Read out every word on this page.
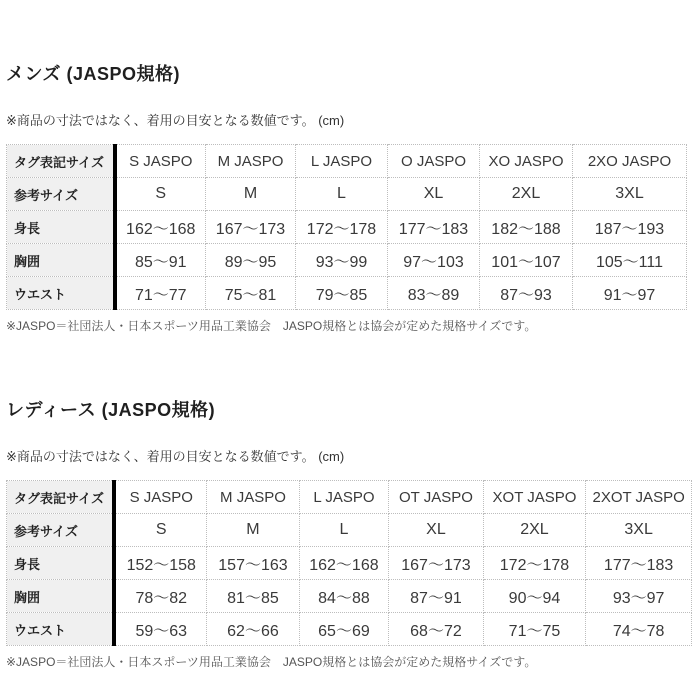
メンズ (JASPO規格)

※商品の寸法ではなく、着用の目安となる数値です。 (cm)

タグ表記サイズ	S JASPO	M JASPO	L JASPO	O JASPO	XO JASPO	2XO JASPO
参考サイズ	S	M	L	XL	2XL	3XL
身長	162～168	167～173	172～178	177～183	182～188	187～193
胸囲	85～91	89～95	93～99	97～103	101～107	105～111
ウエスト	71～77	75～81	79～85	83～89	87～93	91～97

※JASPO＝社団法人・日本スポーツ用品工業協会　JASPO規格とは協会が定めた規格サイズです。

レディース (JASPO規格)

※商品の寸法ではなく、着用の目安となる数値です。 (cm)

タグ表記サイズ	S JASPO	M JASPO	L JASPO	OT JASPO	XOT JASPO	2XOT JASPO
参考サイズ	S	M	L	XL	2XL	3XL
身長	152～158	157～163	162～168	167～173	172～178	177～183
胸囲	78～82	81～85	84～88	87～91	90～94	93～97
ウエスト	59～63	62～66	65～69	68～72	71～75	74～78

※JASPO＝社団法人・日本スポーツ用品工業協会　JASPO規格とは協会が定めた規格サイズです。
